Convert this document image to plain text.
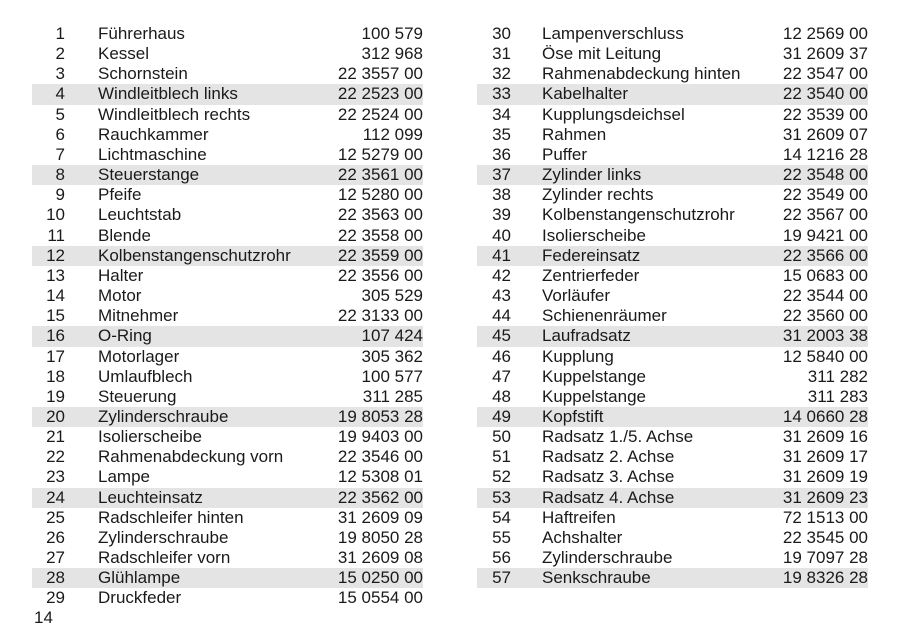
1 Führerhaus	100 579
2 Kessel	312 968
3 Schornstein	22 3557 00
4 Windleitblech links	22 2523 00
5 Windleitblech rechts	22 2524 00
6 Rauchkammer	112 099
7 Lichtmaschine	12 5279 00
8 Steuerstange	22 3561 00
9 Pfeife	12 5280 00
10 Leuchtstab	22 3563 00
11 Blende	22 3558 00
12 Kolbenstangenschutzrohr	22 3559 00
13 Halter	22 3556 00
14 Motor	305 529
15 Mitnehmer	22 3133 00
16 O-Ring	107 424
17 Motorlager	305 362
18 Umlaufblech	100 577
19 Steuerung	311 285
20 Zylinderschraube	19 8053 28
21 Isolierscheibe	19 9403 00
22 Rahmenabdeckung vorn	22 3546 00
23 Lampe	12 5308 01
24 Leuchteinsatz	22 3562 00
25 Radschleifer hinten	31 2609 09
26 Zylinderschraube	19 8050 28
27 Radschleifer vorn	31 2609 08
28 Glühlampe	15 0250 00
29 Druckfeder	15 0554 00
30 Lampenverschluss	12 2569 00
31 Öse mit Leitung	31 2609 37
32 Rahmenabdeckung hinten 22 3547 00
33 Kabelhalter	22 3540 00
34 Kupplungsdeichsel	22 3539 00
35 Rahmen	31 2609 07
36 Puffer	14 1216 28
37 Zylinder links	22 3548 00
38 Zylinder rechts	22 3549 00
39 Kolbenstangenschutzrohr	22 3567 00
40 Isolierscheibe	19 9421 00
41 Federeinsatz	22 3566 00
42 Zentrierfeder	15 0683 00
43 Vorläufer	22 3544 00
44 Schienenräumer	22 3560 00
45 Laufradsatz	31 2003 38
46 Kupplung	12 5840 00
47 Kuppelstange	311 282
48 Kuppelstange	311 283
49 Kopfstift	14 0660 28
50 Radsatz 1./5. Achse	31 2609 16
51 Radsatz 2. Achse	31 2609 17
52 Radsatz 3. Achse	31 2609 19
53 Radsatz 4. Achse	31 2609 23
54 Haftreifen	72 1513 00
55 Achshalter	22 3545 00
56 Zylinderschraube	19 7097 28
57 Senkschraube	19 8326 28
14
